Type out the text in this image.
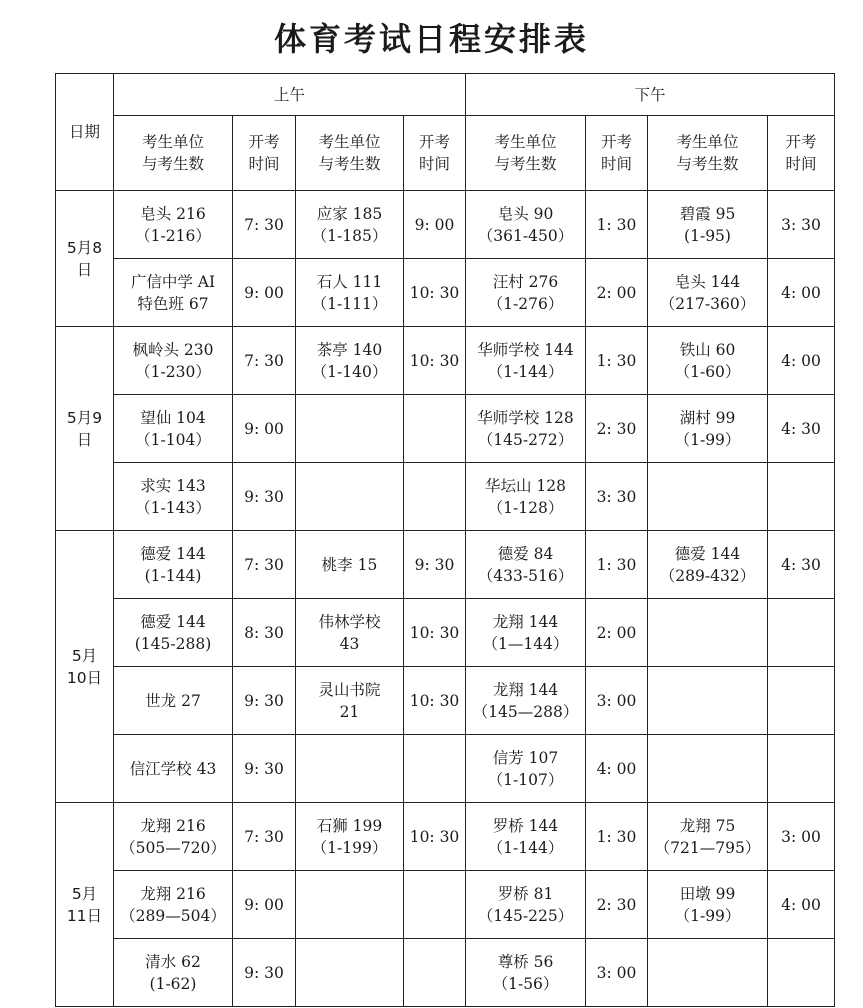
体育考试日程安排表
日期	上午				下午			

	考生单位
与考生数	开考
时间	考生单位
与考生数	开考
时间	考生单位
与考生数	开考
时间	考生单位
与考生数	开考
时间

5月8
日	皂头 216
（1-216）	7: 30	应家 185
（1-185）	9: 00	皂头 90
（361-450）	1: 30	碧霞 95
(1-95)	3: 30

	广信中学 AI
特色班 67	9: 00	石人 111
（1-111）	10: 30	汪村 276
（1-276）	2: 00	皂头 144
（217-360）	4: 00

5月9
日	枫岭头 230
（1-230）	7: 30	茶亭 140
（1-140）	10: 30	华师学校 144
（1-144）	1: 30	铁山 60
（1-60）	4: 00

	望仙 104
（1-104）	9: 00			华师学校 128
（145-272）	2: 30	湖村 99
（1-99）	4: 30

	求实 143
（1-143）	9: 30			华坛山 128
（1-128）	3: 30		

5月
10日	德爱 144
(1-144)	7: 30	桃李 15	9: 30	德爱 84
（433-516）	1: 30	德爱 144
（289-432）	4: 30

	德爱 144
(145-288)	8: 30	伟林学校
43	10: 30	龙翔 144
（1—144）	2: 00		

	世龙 27	9: 30	灵山书院
21	10: 30	龙翔 144
（145—288）	3: 00		

	信江学校 43	9: 30			信芳 107
（1-107）	4: 00		

5月
11日	龙翔 216
（505—720）	7: 30	石狮 199
（1-199）	10: 30	罗桥 144
（1-144）	1: 30	龙翔 75
（721—795）	3: 00

	龙翔 216
（289—504）	9: 00			罗桥 81
（145-225）	2: 30	田墩 99
（1-99）	4: 00

	清水 62
(1-62)	9: 30			尊桥 56
（1-56）	3: 00		
